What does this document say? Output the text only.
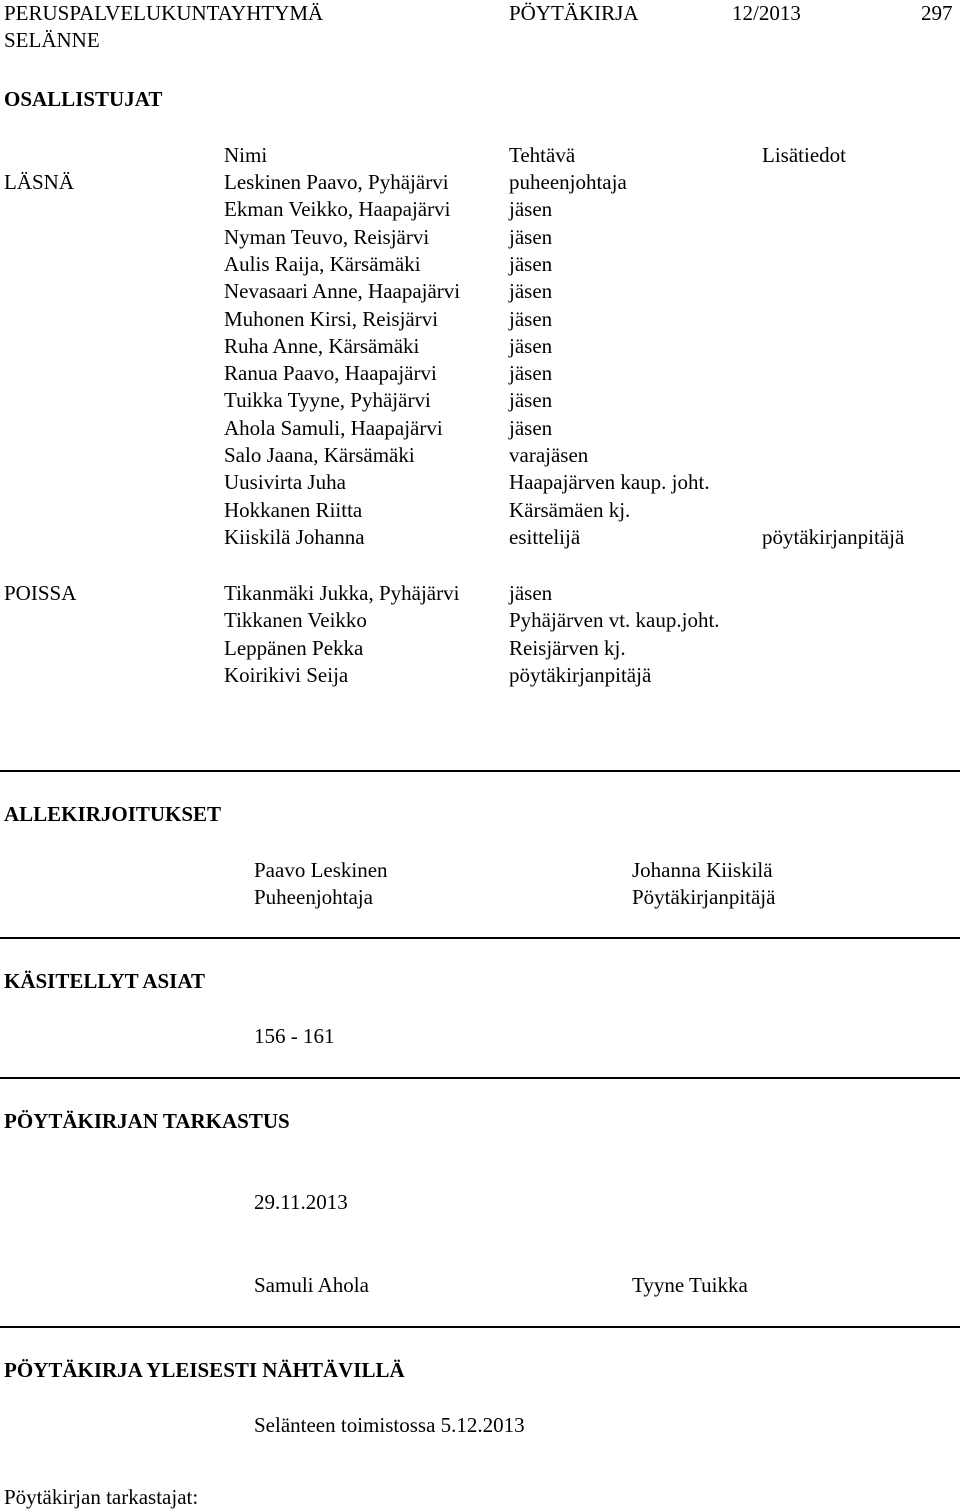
PERUSPALVELUKUNTAYHTYMÄ
SELÄNNE
PÖYTÄKIRJA	12/2013	297
OSALLISTUJAT
Nimi	Tehtävä	Lisätiedot
LÄSNÄ	Leskinen Paavo, Pyhäjärvi	puheenjohtaja
Ekman Veikko, Haapajärvi	jäsen
Nyman Teuvo, Reisjärvi	jäsen
Aulis Raija, Kärsämäki	jäsen
Nevasaari Anne, Haapajärvi jäsen
Muhonen Kirsi, Reisjärvi	jäsen
Ruha Anne, Kärsämäki	jäsen
Ranua Paavo, Haapajärvi	jäsen
Tuikka Tyyne, Pyhäjärvi	jäsen
Ahola Samuli, Haapajärvi	jäsen
Salo Jaana, Kärsämäki	varajäsen
Uusivirta Juha	Haapajärven kaup. joht.
Hokkanen Riitta	Kärsämäen kj.
Kiiskilä Johanna	esittelijä	pöytäkirjanpitäjä
POISSA	Tikanmäki Jukka, Pyhäjärvi jäsen
Tikkanen Veikko	Pyhäjärven vt. kaup.joht.
Leppänen Pekka	Reisjärven kj.
Koirikivi Seija	pöytäkirjanpitäjä
ALLEKIRJOITUKSET
Paavo Leskinen
Puheenjohtaja
Johanna Kiiskilä
Pöytäkirjanpitäjä
KÄSITELLYT ASIAT
156 - 161
PÖYTÄKIRJAN TARKASTUS
29.11.2013
Samuli Ahola	Tyyne Tuikka
PÖYTÄKIRJA YLEISESTI NÄHTÄVILLÄ
Selänteen toimistossa 5.12.2013
Pöytäkirjan tarkastajat:
